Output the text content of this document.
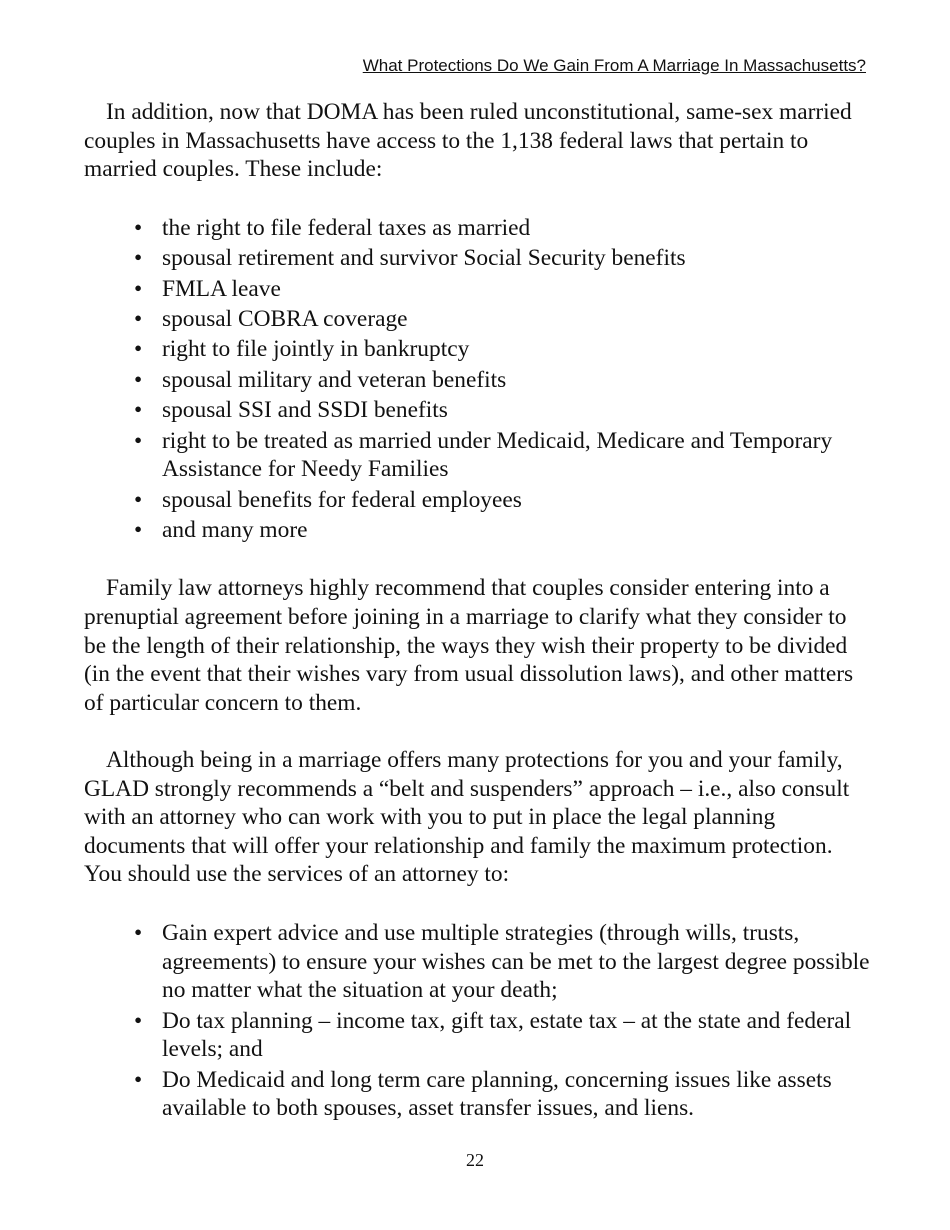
What Protections Do We Gain From A Marriage In Massachusetts?

In addition, now that DOMA has been ruled unconstitutional, same-sex married couples in Massachusetts have access to the 1,138 federal laws that pertain to married couples. These include:

• the right to file federal taxes as married
• spousal retirement and survivor Social Security benefits
• FMLA leave
• spousal COBRA coverage
• right to file jointly in bankruptcy
• spousal military and veteran benefits
• spousal SSI and SSDI benefits
• right to be treated as married under Medicaid, Medicare and Temporary Assistance for Needy Families
• spousal benefits for federal employees
• and many more

Family law attorneys highly recommend that couples consider entering into a prenuptial agreement before joining in a marriage to clarify what they consider to be the length of their relationship, the ways they wish their property to be divided (in the event that their wishes vary from usual dissolution laws), and other matters of particular concern to them.

Although being in a marriage offers many protections for you and your family, GLAD strongly recommends a “belt and suspenders” approach – i.e., also consult with an attorney who can work with you to put in place the legal planning documents that will offer your relationship and family the maximum protection. You should use the services of an attorney to:

• Gain expert advice and use multiple strategies (through wills, trusts, agreements) to ensure your wishes can be met to the largest degree possible no matter what the situation at your death;
• Do tax planning – income tax, gift tax, estate tax – at the state and federal levels; and
• Do Medicaid and long term care planning, concerning issues like assets available to both spouses, asset transfer issues, and liens.
22
